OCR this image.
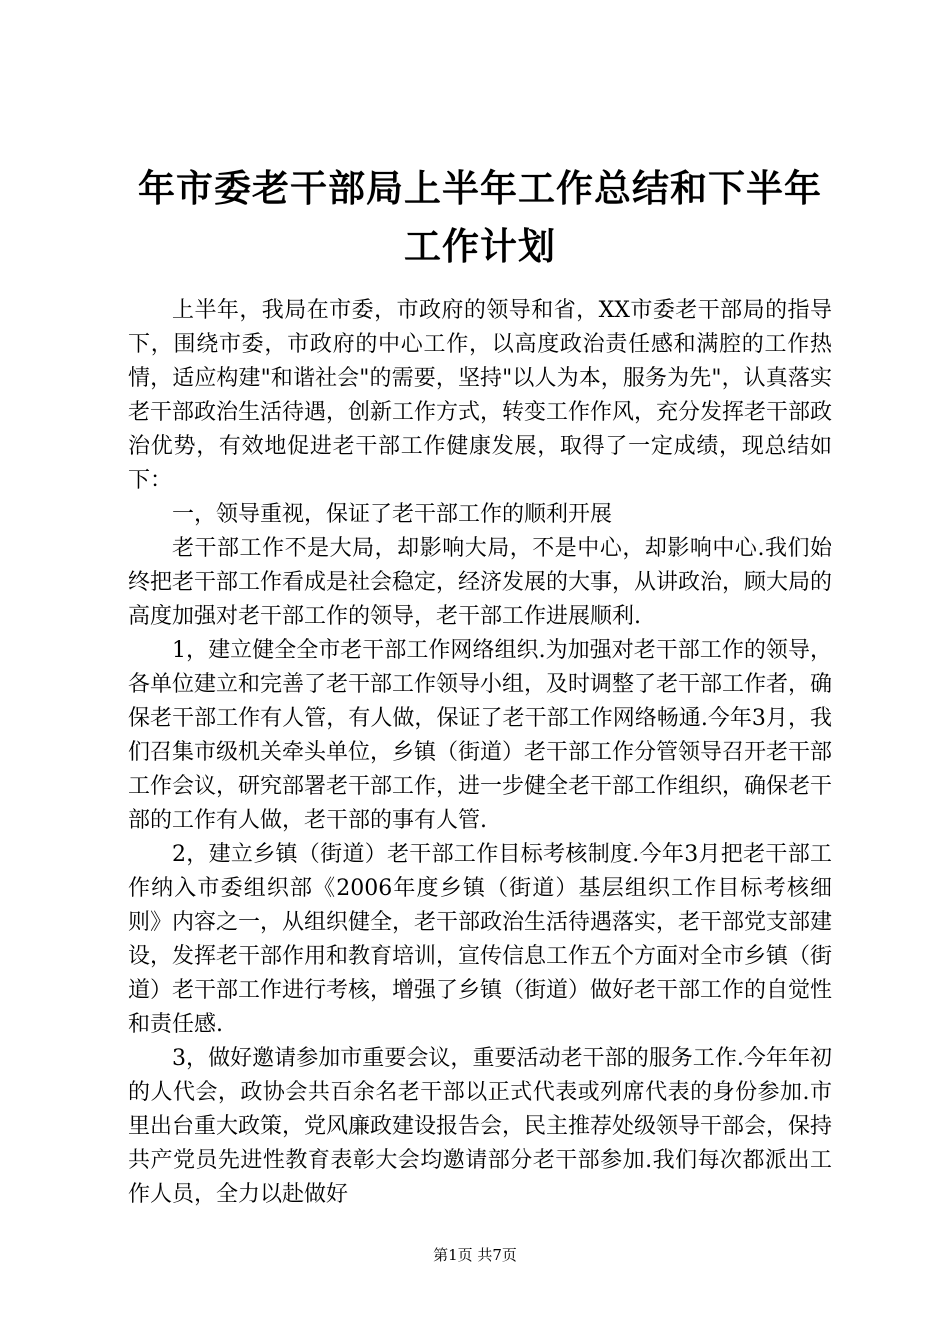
年市委老干部局上半年工作总结和下半年工作计划

上半年，我局在市委，市政府的领导和省，XX市委老干部局的指导下，围绕市委，市政府的中心工作，以高度政治责任感和满腔的工作热情，适应构建"和谐社会"的需要，坚持"以人为本，服务为先"，认真落实老干部政治生活待遇，创新工作方式，转变工作作风，充分发挥老干部政治优势，有效地促进老干部工作健康发展，取得了一定成绩，现总结如下：

一，领导重视，保证了老干部工作的顺利开展

老干部工作不是大局，却影响大局，不是中心，却影响中心.我们始终把老干部工作看成是社会稳定，经济发展的大事，从讲政治，顾大局的高度加强对老干部工作的领导，老干部工作进展顺利.

1，建立健全全市老干部工作网络组织.为加强对老干部工作的领导，各单位建立和完善了老干部工作领导小组，及时调整了老干部工作者，确保老干部工作有人管，有人做，保证了老干部工作网络畅通.今年3月，我们召集市级机关牵头单位，乡镇（街道）老干部工作分管领导召开老干部工作会议，研究部署老干部工作，进一步健全老干部工作组织，确保老干部的工作有人做，老干部的事有人管.

2，建立乡镇（街道）老干部工作目标考核制度.今年3月把老干部工作纳入市委组织部《2006年度乡镇（街道）基层组织工作目标考核细则》内容之一，从组织健全，老干部政治生活待遇落实，老干部党支部建设，发挥老干部作用和教育培训，宣传信息工作五个方面对全市乡镇（街道）老干部工作进行考核，增强了乡镇（街道）做好老干部工作的自觉性和责任感.

3，做好邀请参加市重要会议，重要活动老干部的服务工作.今年年初的人代会，政协会共百余名老干部以正式代表或列席代表的身份参加.市里出台重大政策，党风廉政建设报告会，民主推荐处级领导干部会，保持共产党员先进性教育表彰大会均邀请部分老干部参加.我们每次都派出工作人员，全力以赴做好

第1页 共7页
